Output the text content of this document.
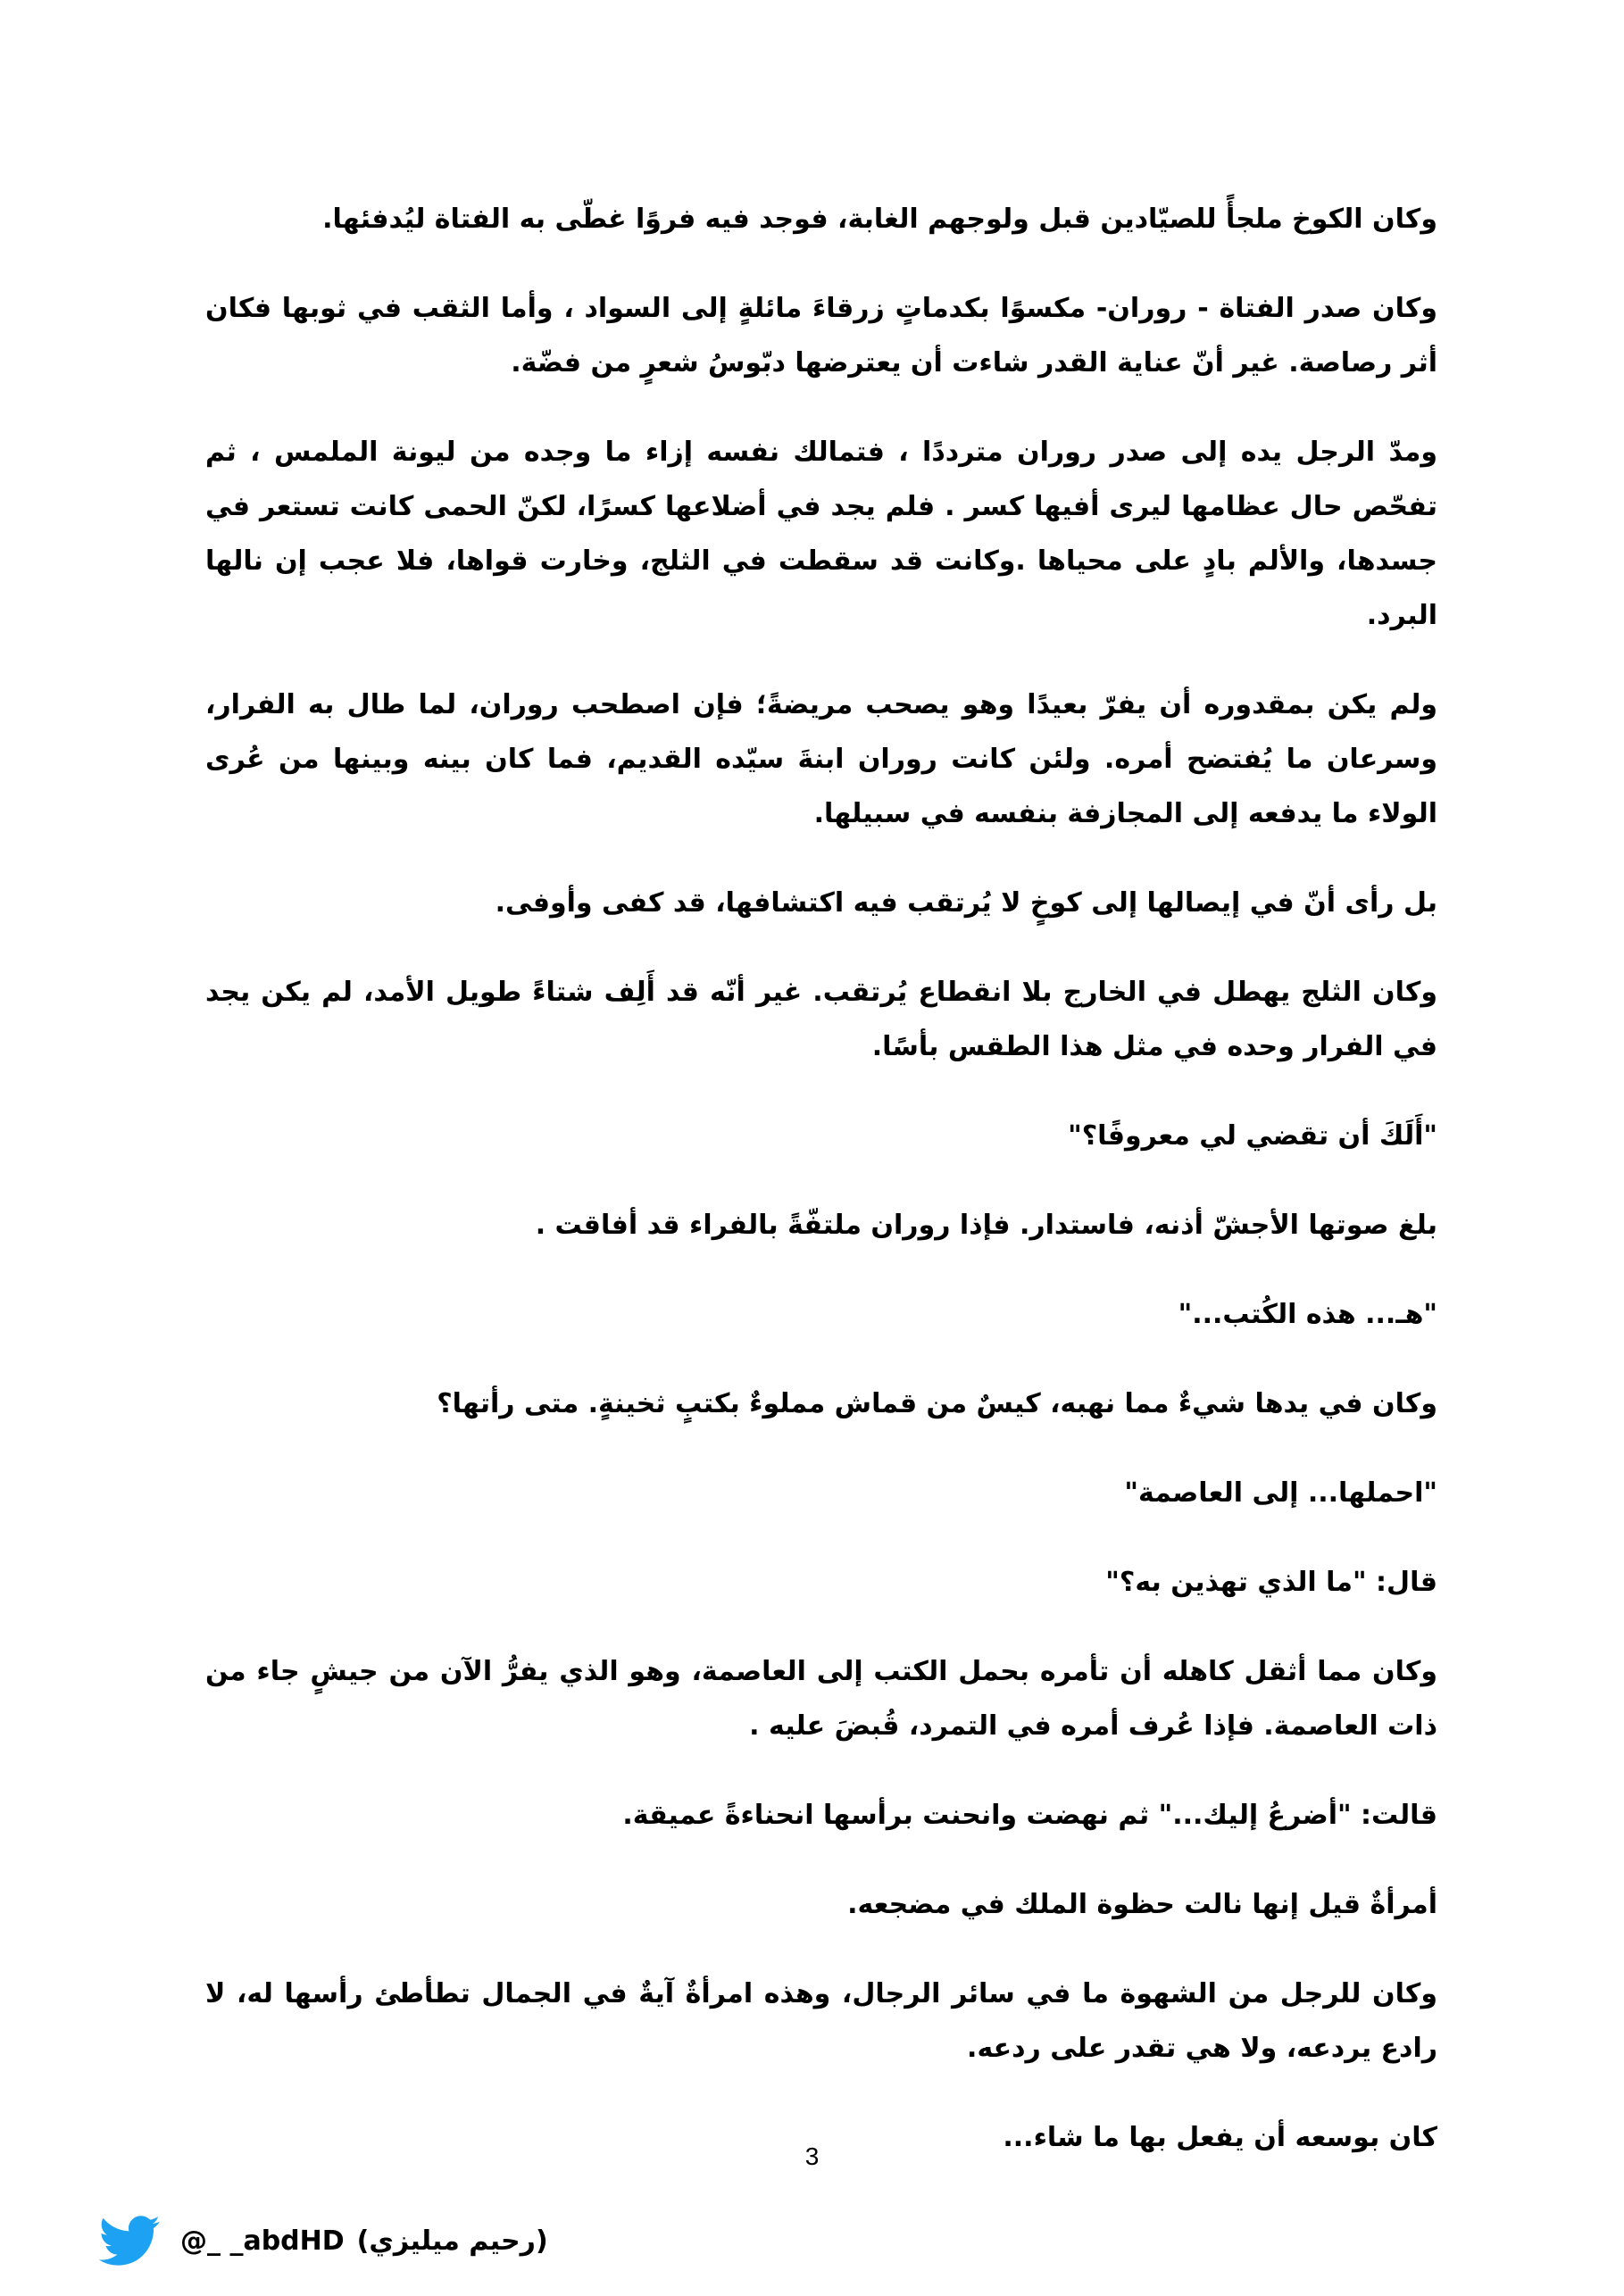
وكان الكوخ ملجأً للصيّادين قبل ولوجهم الغابة، فوجد فيه فروًا غطّى به الفتاة ليُدفئها.

وكان صدر الفتاة - روران- مكسوًا بكدماتٍ زرقاءَ مائلةٍ إلى السواد ، وأما الثقب في ثوبها فكان أثر رصاصة. غير أنّ عناية القدر شاءت أن يعترضها دبّوسُ شعرٍ من فضّة.

ومدّ الرجل يده إلى صدر روران مترددًا ، فتمالك نفسه إزاء ما وجده من ليونة الملمس ، ثم تفحّص حال عظامها ليرى أفيها كسر . فلم يجد في أضلاعها كسرًا، لكنّ الحمى كانت تستعر في جسدها، والألم بادٍ على محياها .وكانت قد سقطت في الثلج، وخارت قواها، فلا عجب إن نالها البرد.

ولم يكن بمقدوره أن يفرّ بعيدًا وهو يصحب مريضةً؛ فإن اصطحب روران، لما طال به الفرار، وسرعان ما يُفتضح أمره. ولئن كانت روران ابنةَ سيّده القديم، فما كان بينه وبينها من عُرى الولاء ما يدفعه إلى المجازفة بنفسه في سبيلها.

بل رأى أنّ في إيصالها إلى كوخٍ لا يُرتقب فيه اكتشافها، قد كفى وأوفى.

وكان الثلج يهطل في الخارج بلا انقطاع يُرتقب. غير أنّه قد أَلِف شتاءً طويل الأمد، لم يكن يجد في الفرار وحده في مثل هذا الطقس بأسًا.

"أَلَكَ أن تقضي لي معروفًا؟"

بلغ صوتها الأجشّ أذنه، فاستدار. فإذا روران ملتفّةً بالفراء قد أفاقت .

"هـ... هذه الكُتب..."

وكان في يدها شيءٌ مما نهبه، كيسٌ من قماش مملوءٌ بكتبٍ ثخينةٍ. متى رأتها؟

"احملها... إلى العاصمة"

قال: "ما الذي تهذين به؟"

وكان مما أثقل كاهله أن تأمره بحمل الكتب إلى العاصمة، وهو الذي يفرُّ الآن من جيشٍ جاء من ذات العاصمة. فإذا عُرف أمره في التمرد، قُبضَ عليه .

قالت: "أضرعُ إليك..." ثم نهضت وانحنت برأسها انحناءةً عميقة.

أمرأةٌ قيل إنها نالت حظوة الملك في مضجعه.

وكان للرجل من الشهوة ما في سائر الرجال، وهذه امرأةٌ آيةٌ في الجمال تطأطئ رأسها له، لا رادع يردعه، ولا هي تقدر على ردعه.

كان بوسعه أن يفعل بها ما شاء...

3
@_ _abdHD (رحيم ميليزي)
